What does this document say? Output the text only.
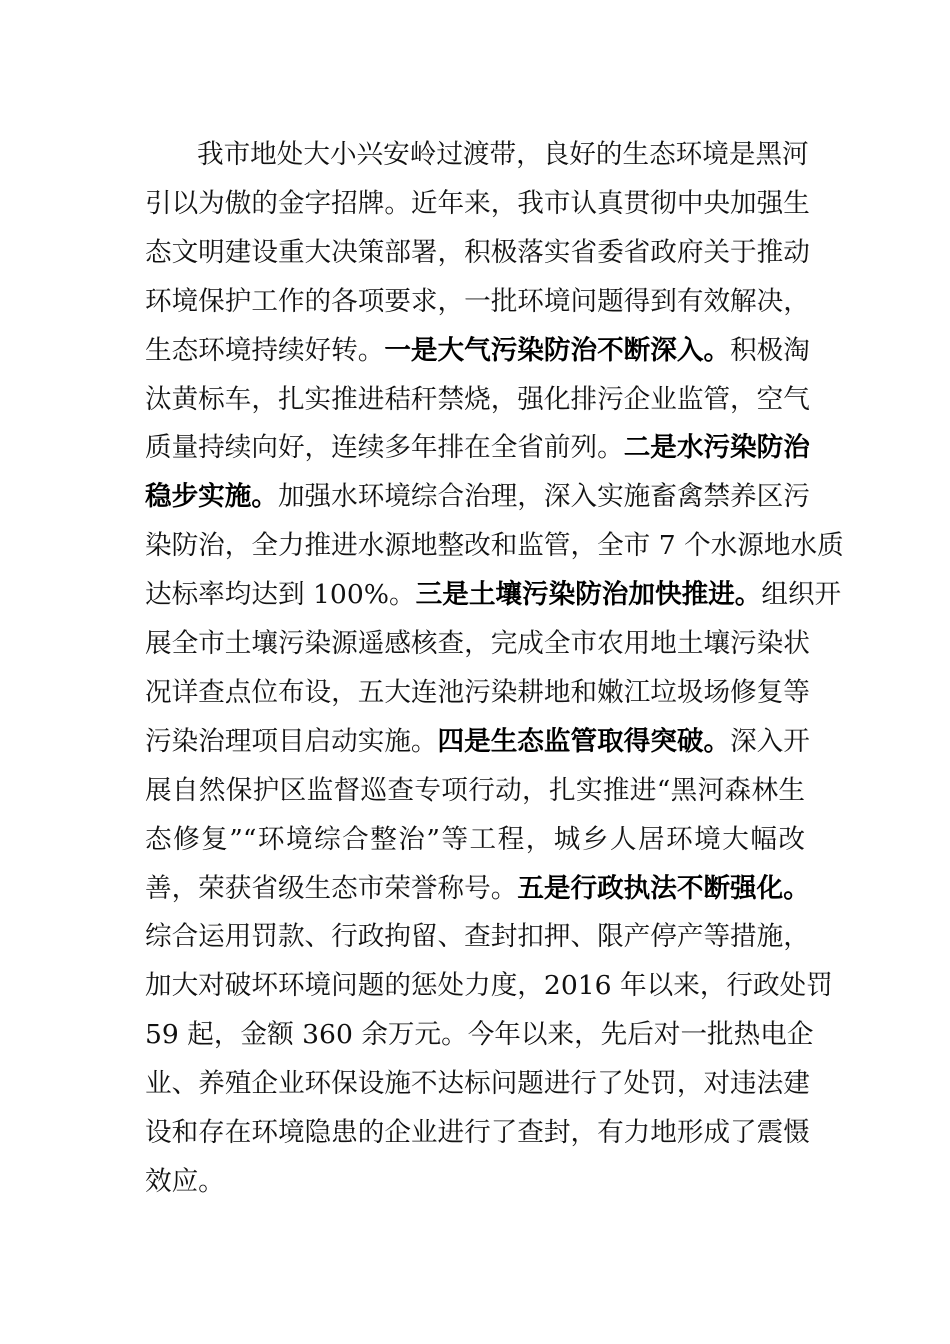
我市地处大小兴安岭过渡带，良好的生态环境是黑河
引以为傲的金字招牌。近年来，我市认真贯彻中央加强生
态文明建设重大决策部署，积极落实省委省政府关于推动
环境保护工作的各项要求，一批环境问题得到有效解决，
生态环境持续好转。一是大气污染防治不断深入。积极淘
汰黄标车，扎实推进秸秆禁烧，强化排污企业监管，空气
质量持续向好，连续多年排在全省前列。二是水污染防治
稳步实施。加强水环境综合治理，深入实施畜禽禁养区污
染防治，全力推进水源地整改和监管，全市 7 个水源地水质
达标率均达到 100%。三是土壤污染防治加快推进。组织开
展全市土壤污染源遥感核查，完成全市农用地土壤污染状
况详查点位布设，五大连池污染耕地和嫩江垃圾场修复等
污染治理项目启动实施。四是生态监管取得突破。深入开
展自然保护区监督巡查专项行动，扎实推进“黑河森林生
态修复”“环境综合整治”等工程，城乡人居环境大幅改
善，荣获省级生态市荣誉称号。五是行政执法不断强化。
综合运用罚款、行政拘留、查封扣押、限产停产等措施，
加大对破坏环境问题的惩处力度，2016 年以来，行政处罚
59 起，金额 360 余万元。今年以来，先后对一批热电企
业、养殖企业环保设施不达标问题进行了处罚，对违法建
设和存在环境隐患的企业进行了查封，有力地形成了震慑
效应。
